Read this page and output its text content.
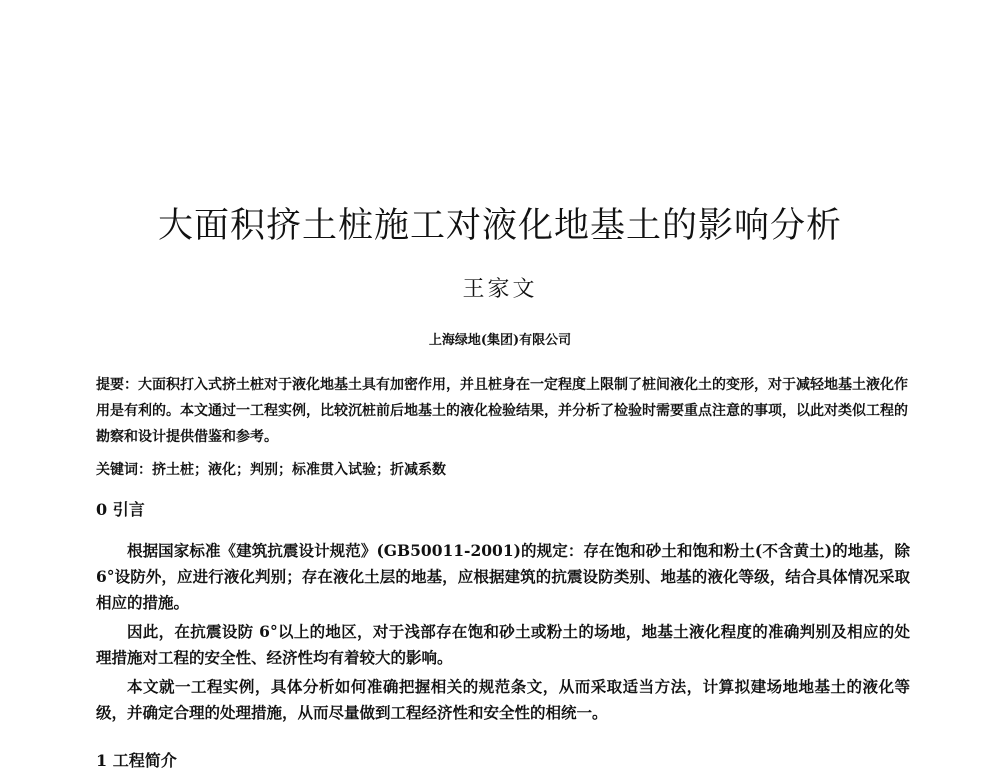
大面积挤土桩施工对液化地基土的影响分析
王家文
上海绿地(集团)有限公司
提要：大面积打入式挤土桩对于液化地基土具有加密作用，并且桩身在一定程度上限制了桩间液化土的变形，对于减轻地基土液化作用是有利的。本文通过一工程实例，比较沉桩前后地基土的液化检验结果，并分析了检验时需要重点注意的事项，以此对类似工程的勘察和设计提供借鉴和参考。
关键词：挤土桩；液化；判别；标准贯入试验；折减系数
0 引言

根据国家标准《建筑抗震设计规范》(GB50011-2001)的规定：存在饱和砂土和饱和粉土(不含黄土)的地基，除 6°设防外，应进行液化判别；存在液化土层的地基，应根据建筑的抗震设防类别、地基的液化等级，结合具体情况采取相应的措施。

因此，在抗震设防 6°以上的地区，对于浅部存在饱和砂土或粉土的场地，地基土液化程度的准确判别及相应的处理措施对工程的安全性、经济性均有着较大的影响。

本文就一工程实例，具体分析如何准确把握相关的规范条文，从而采取适当方法，计算拟建场地地基土的液化等级，并确定合理的处理措施，从而尽量做到工程经济性和安全性的相统一。

1 工程简介
